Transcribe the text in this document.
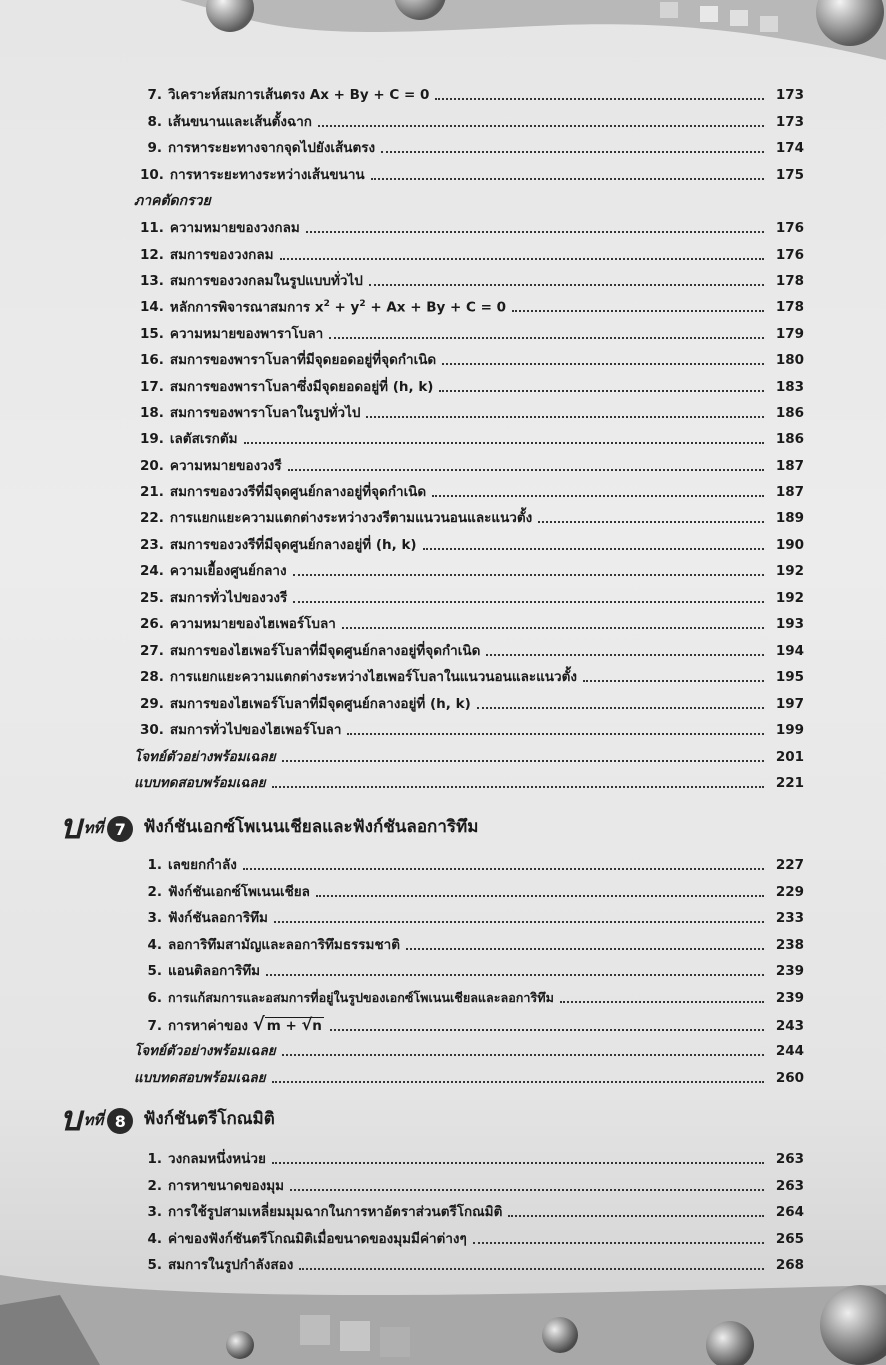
7. วิเคราะห์สมการเส้นตรง Ax + By + C = 0	173
8. เส้นขนานและเส้นตั้งฉาก	173
9. การหาระยะทางจากจุดไปยังเส้นตรง	174
10. การหาระยะทางระหว่างเส้นขนาน	175
ภาคตัดกรวย
11. ความหมายของวงกลม	176
12. สมการของวงกลม	176
13. สมการของวงกลมในรูปแบบทั่วไป	178
14. หลักการพิจารณาสมการ $x^2 + y^2 + Ax + By + C = 0$	178
15. ความหมายของพาราโบลา	179
16. สมการของพาราโบลาที่มีจุดยอดอยู่ที่จุดกำเนิด	180
17. สมการของพาราโบลาซึ่งมีจุดยอดอยู่ที่ (h, k)	183
18. สมการของพาราโบลาในรูปทั่วไป	186
19. เลตัสเรกตัม	186
20. ความหมายของวงรี	187
21. สมการของวงรีที่มีจุดศูนย์กลางอยู่ที่จุดกำเนิด	187
22. การแยกแยะความแตกต่างระหว่างวงรีตามแนวนอนและแนวตั้ง	189
23. สมการของวงรีที่มีจุดศูนย์กลางอยู่ที่ (h, k)	190
24. ความเยื้องศูนย์กลาง	192
25. สมการทั่วไปของวงรี	192
26. ความหมายของไฮเพอร์โบลา	193
27. สมการของไฮเพอร์โบลาที่มีจุดศูนย์กลางอยู่ที่จุดกำเนิด	194
28. การแยกแยะความแตกต่างระหว่างไฮเพอร์โบลาในแนวนอนและแนวตั้ง	195
29. สมการของไฮเพอร์โบลาที่มีจุดศูนย์กลางอยู่ที่ (h, k)	197
30. สมการทั่วไปของไฮเพอร์โบลา	199
โจทย์ตัวอย่างพร้อมเฉลย	201
แบบทดสอบพร้อมเฉลย	221
บ ทที่ 7	ฟังก์ชันเอกซ์โพเนนเชียลและฟังก์ชันลอการิทึม
1. เลขยกกำลัง	227
2. ฟังก์ชันเอกซ์โพเนนเชียล	229
3. ฟังก์ชันลอการิทึม	233
4. ลอการิทึมสามัญและลอการิทึมธรรมชาติ	238
5. แอนติลอการิทึม	239
6. การแก้สมการและอสมการที่อยู่ในรูปของเอกซ์โพเนนเชียลและลอการิทึม	239
7. การหาค่าของ √ m + √n	243
โจทย์ตัวอย่างพร้อมเฉลย	244
แบบทดสอบพร้อมเฉลย	260
บ ทที่ 8	ฟังก์ชันตรีโกณมิติ
1. วงกลมหนึ่งหน่วย	263
2. การหาขนาดของมุม	263
3. การใช้รูปสามเหลี่ยมมุมฉากในการหาอัตราส่วนตรีโกณมิติ	264
4. ค่าของฟังก์ชันตรีโกณมิติเมื่อขนาดของมุมมีค่าต่างๆ	265
5. สมการในรูปกำลังสอง	268
